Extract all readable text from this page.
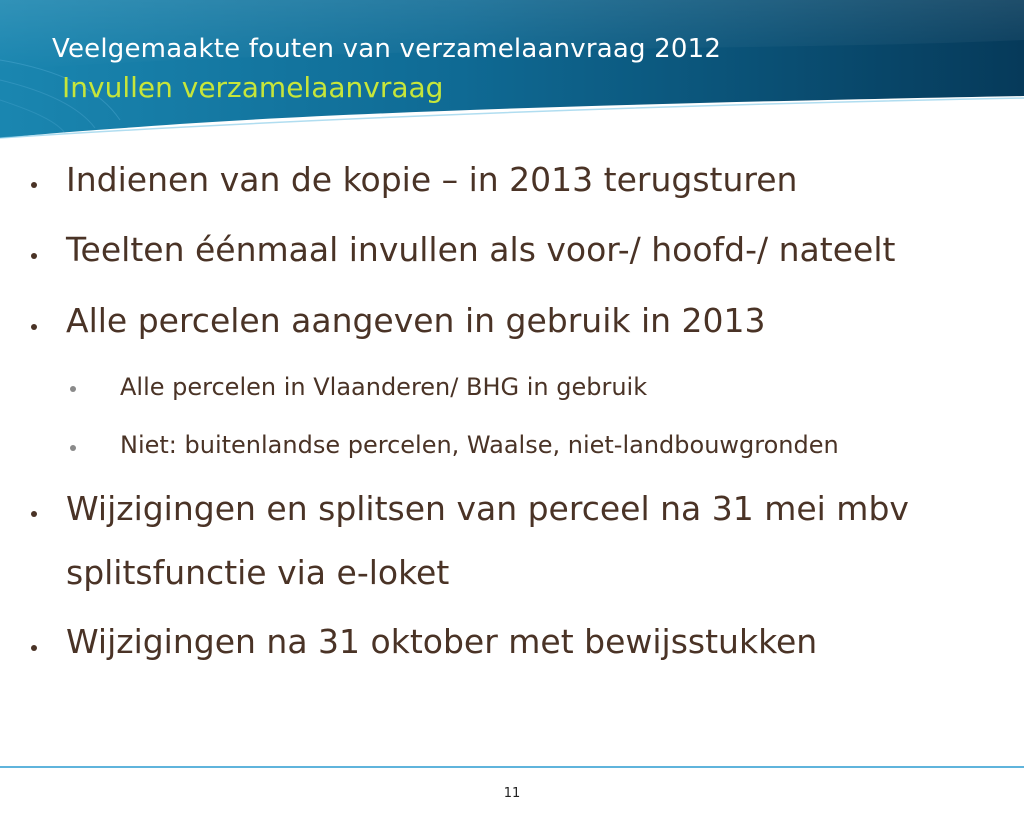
Veelgemaakte fouten van verzamelaanvraag 2012
Invullen verzamelaanvraag
Indienen van de kopie – in 2013 terugsturen
Teelten éénmaal invullen als voor-/ hoofd-/ nateelt
Alle percelen aangeven in gebruik in 2013
Alle percelen in Vlaanderen/ BHG in gebruik
Niet: buitenlandse percelen, Waalse, niet-landbouwgronden
Wijzigingen en splitsen van perceel na 31 mei mbv
splitsfunctie via e-loket
Wijzigingen na 31 oktober met bewijsstukken
11
